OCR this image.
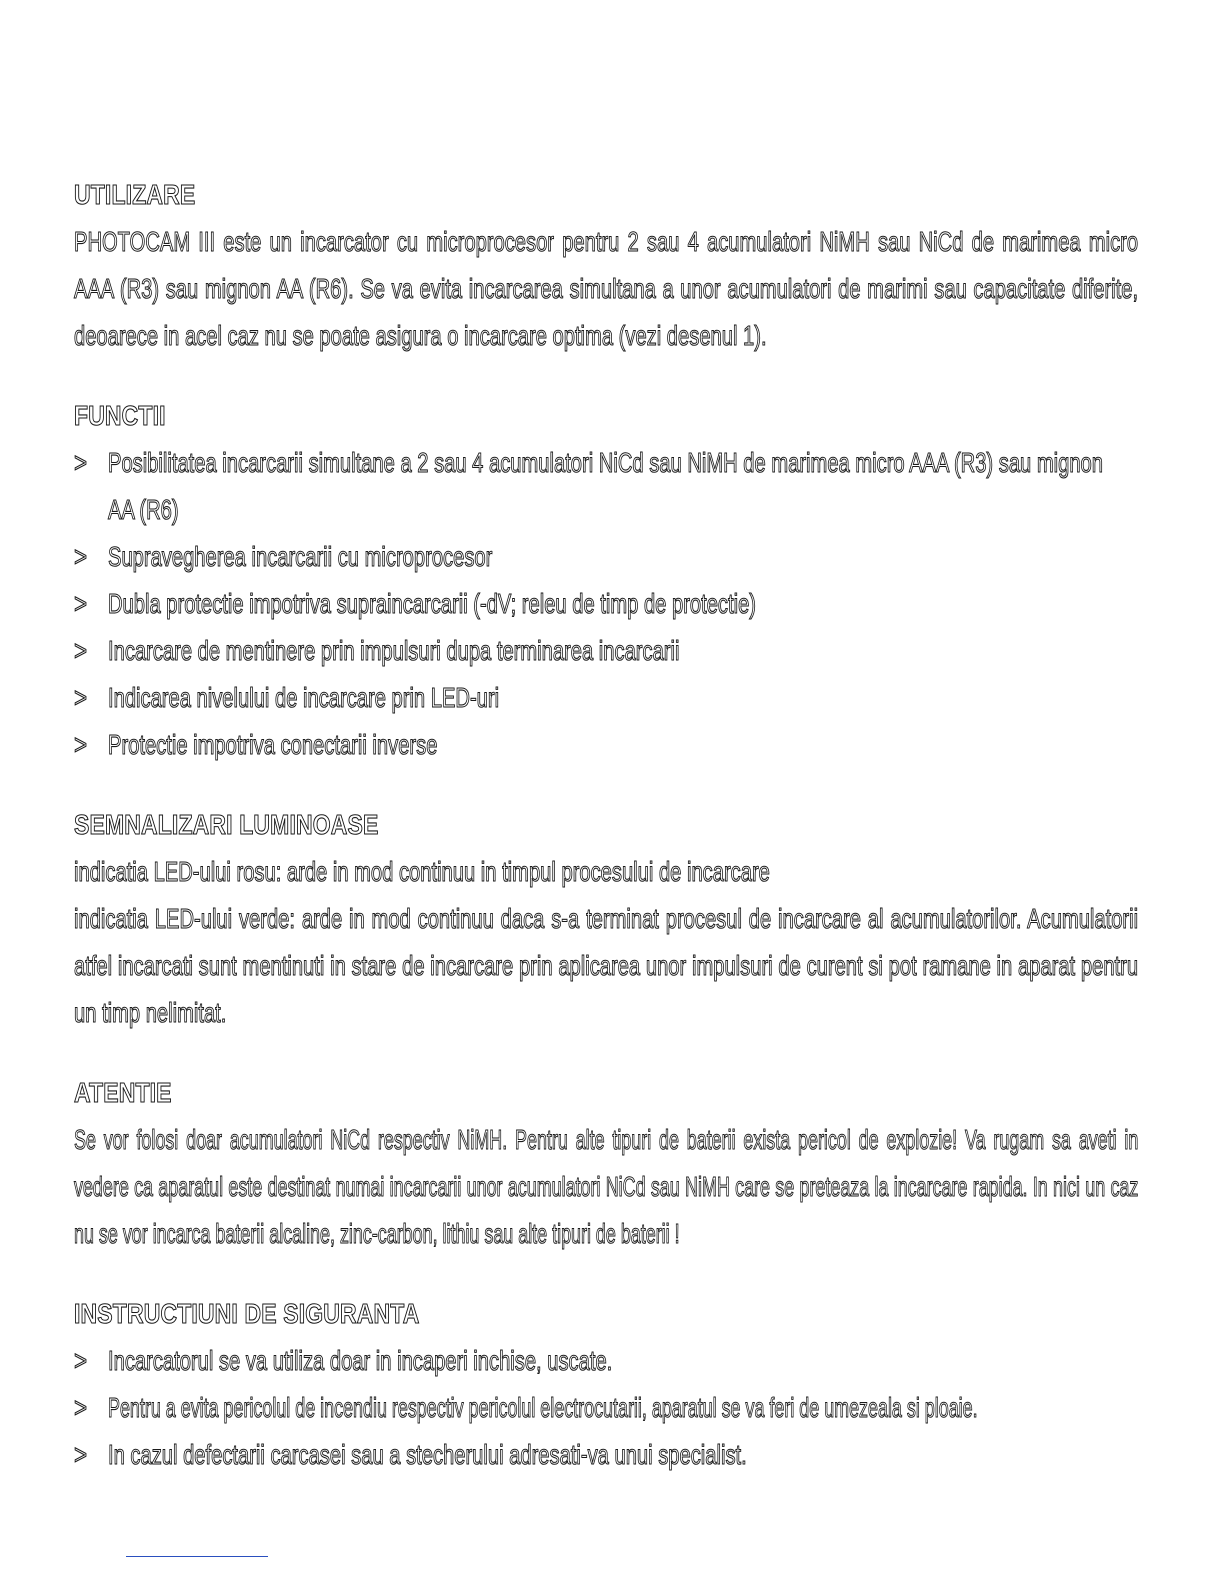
UTILIZARE

PHOTOCAM III este un incarcator cu microprocesor pentru 2 sau 4 acumulatori NiMH sau NiCd de marimea micro AAA (R3) sau mignon AA (R6). Se va evita incarcarea simultana a unor acumulatori de marimi sau capacitate diferite, deoarece in acel caz nu se poate asigura o incarcare optima (vezi desenul 1).

FUNCTII
> Posibilitatea incarcarii simultane a 2 sau 4 acumulatori NiCd sau NiMH de marimea micro AAA (R3) sau mignon AA (R6)
> Supravegherea incarcarii cu microprocesor
> Dubla protectie impotriva supraincarcarii (-dV; releu de timp de protectie)
> Incarcare de mentinere prin impulsuri dupa terminarea incarcarii
> Indicarea nivelului de incarcare prin LED-uri
> Protectie impotriva conectarii inverse
SEMNALIZARI LUMINOASE

indicatia LED-ului rosu: arde in mod continuu in timpul procesului de incarcare

indicatia LED-ului verde: arde in mod continuu daca s-a terminat procesul de incarcare al acumulatorilor. Acumulatorii atfel incarcati sunt mentinuti in stare de incarcare prin aplicarea unor impulsuri de curent si pot ramane in aparat pentru un timp nelimitat.

ATENTIE

Se vor folosi doar acumulatori NiCd respectiv NiMH. Pentru alte tipuri de baterii exista pericol de explozie! Va rugam sa aveti in vedere ca aparatul este destinat numai incarcarii unor acumulatori NiCd sau NiMH care se preteaza la incarcare rapida. In nici un caz nu se vor incarca baterii alcaline, zinc-carbon, lithiu sau alte tipuri de baterii !

INSTRUCTIUNI DE SIGURANTA
> Incarcatorul se va utiliza doar in incaperi inchise, uscate.
> Pentru a evita pericolul de incendiu respectiv pericolul electrocutarii, aparatul se va feri de umezeala si ploaie.
> In cazul defectarii carcasei sau a stecherului adresati-va unui specialist.
